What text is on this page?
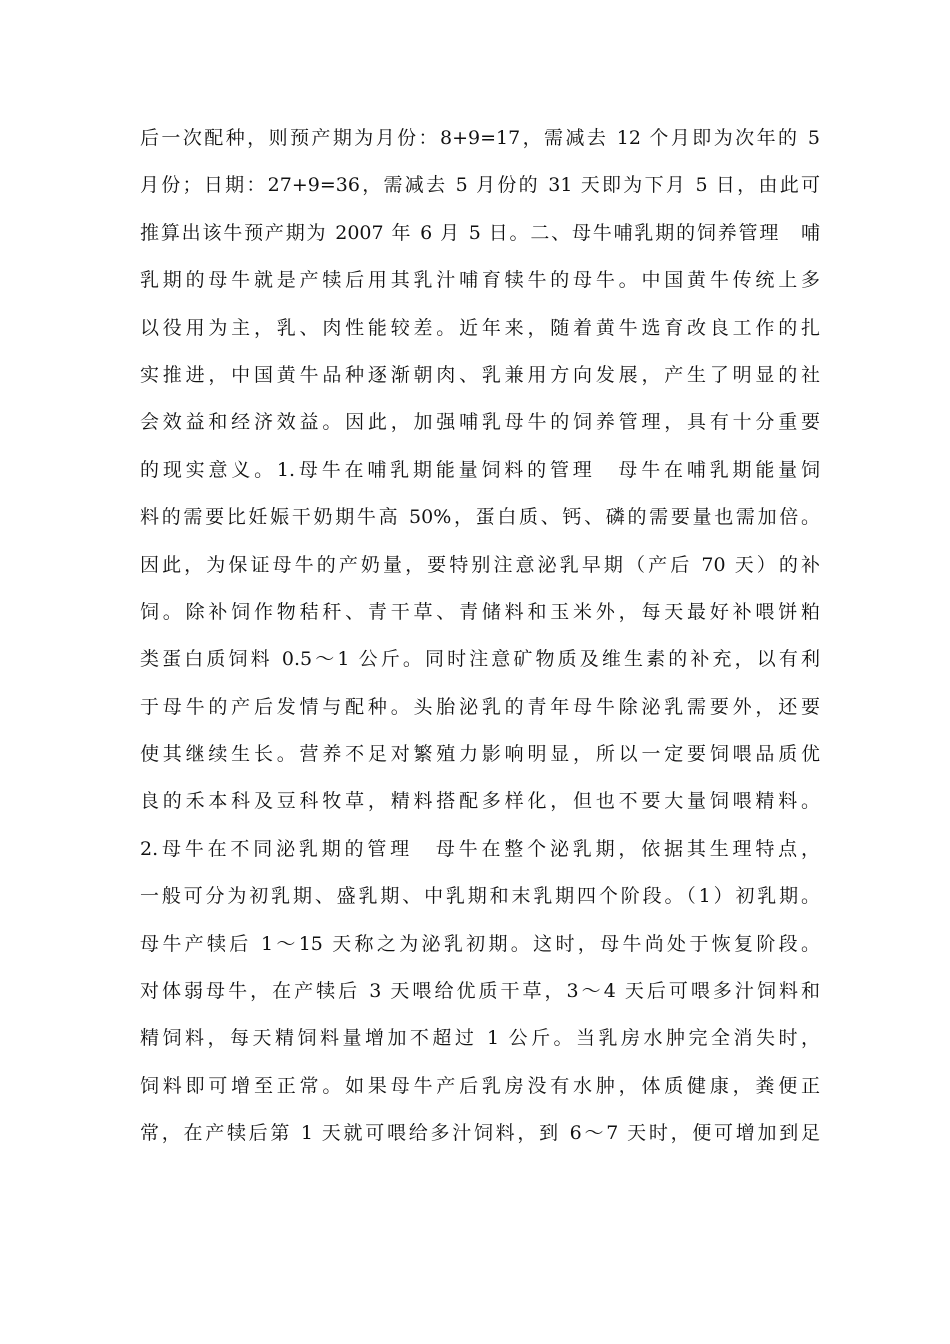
后一次配种，则预产期为月份：8+9=17，需减去 12 个月即为次年的 5
月份；日期：27+9=36，需减去 5 月份的 31 天即为下月 5 日，由此可
推算出该牛预产期为 2007 年 6 月 5 日。二、母牛哺乳期的饲养管理　哺
乳期的母牛就是产犊后用其乳汁哺育犊牛的母牛。中国黄牛传统上多
以役用为主，乳、肉性能较差。近年来，随着黄牛选育改良工作的扎
实推进，中国黄牛品种逐渐朝肉、乳兼用方向发展，产生了明显的社
会效益和经济效益。因此，加强哺乳母牛的饲养管理，具有十分重要
的现实意义。1.母牛在哺乳期能量饲料的管理　母牛在哺乳期能量饲
料的需要比妊娠干奶期牛高 50%，蛋白质、钙、磷的需要量也需加倍。
因此，为保证母牛的产奶量，要特别注意泌乳早期（产后 70 天）的补
饲。除补饲作物秸秆、青干草、青储料和玉米外，每天最好补喂饼粕
类蛋白质饲料 0.5～1 公斤。同时注意矿物质及维生素的补充，以有利
于母牛的产后发情与配种。头胎泌乳的青年母牛除泌乳需要外，还要
使其继续生长。营养不足对繁殖力影响明显，所以一定要饲喂品质优
良的禾本科及豆科牧草，精料搭配多样化，但也不要大量饲喂精料。
2.母牛在不同泌乳期的管理　母牛在整个泌乳期，依据其生理特点，
一般可分为初乳期、盛乳期、中乳期和末乳期四个阶段。（1）初乳期。
母牛产犊后 1～15 天称之为泌乳初期。这时，母牛尚处于恢复阶段。
对体弱母牛，在产犊后 3 天喂给优质干草，3～4 天后可喂多汁饲料和
精饲料，每天精饲料量增加不超过 1 公斤。当乳房水肿完全消失时，
饲料即可增至正常。如果母牛产后乳房没有水肿，体质健康，粪便正
常，在产犊后第 1 天就可喂给多汁饲料，到 6～7 天时，便可增加到足
